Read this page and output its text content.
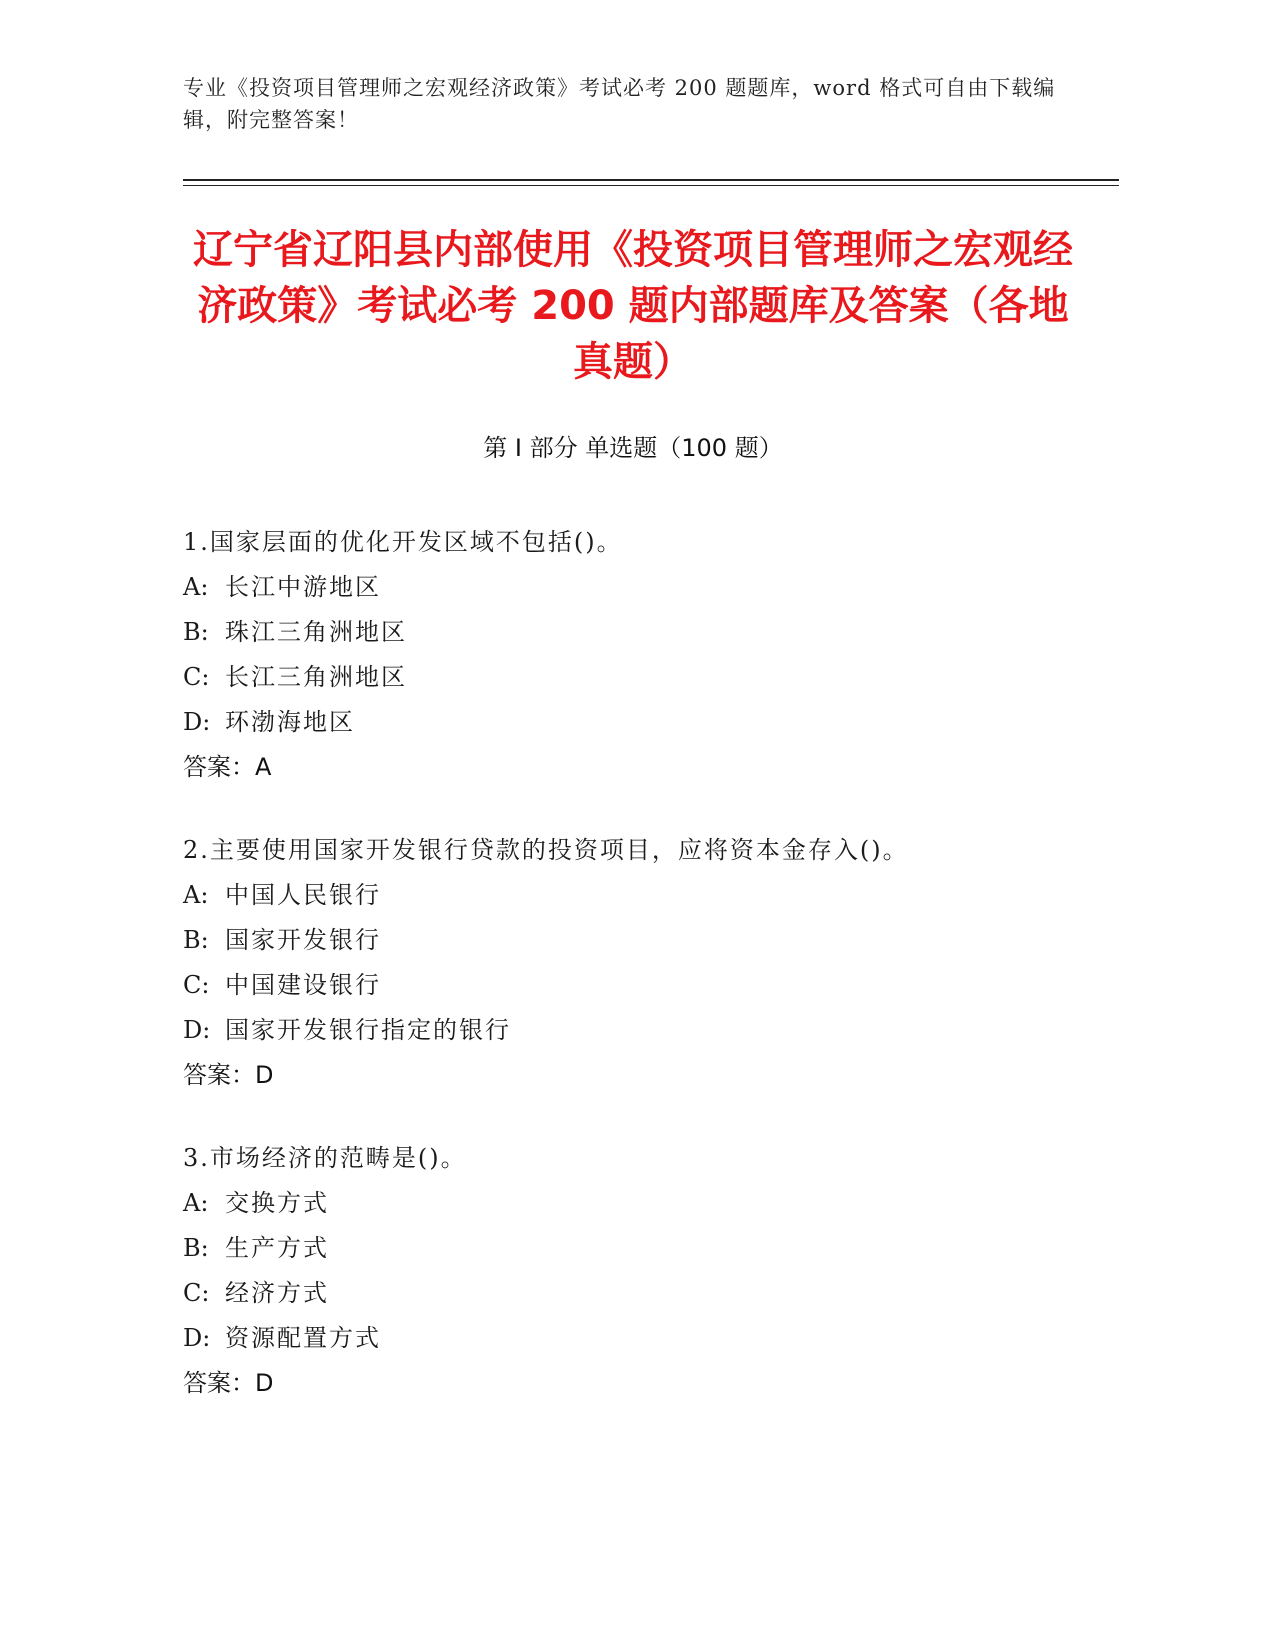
专业《投资项目管理师之宏观经济政策》考试必考 200 题题库，word 格式可自由下载编辑，附完整答案！
辽宁省辽阳县内部使用《投资项目管理师之宏观经济政策》考试必考 200 题内部题库及答案（各地真题）
第 I 部分 单选题（100 题）
1.国家层面的优化开发区域不包括()。
A: 长江中游地区
B: 珠江三角洲地区
C: 长江三角洲地区
D: 环渤海地区
答案：A
2.主要使用国家开发银行贷款的投资项目，应将资本金存入()。
A: 中国人民银行
B: 国家开发银行
C: 中国建设银行
D: 国家开发银行指定的银行
答案：D
3.市场经济的范畴是()。
A: 交换方式
B: 生产方式
C: 经济方式
D: 资源配置方式
答案：D
